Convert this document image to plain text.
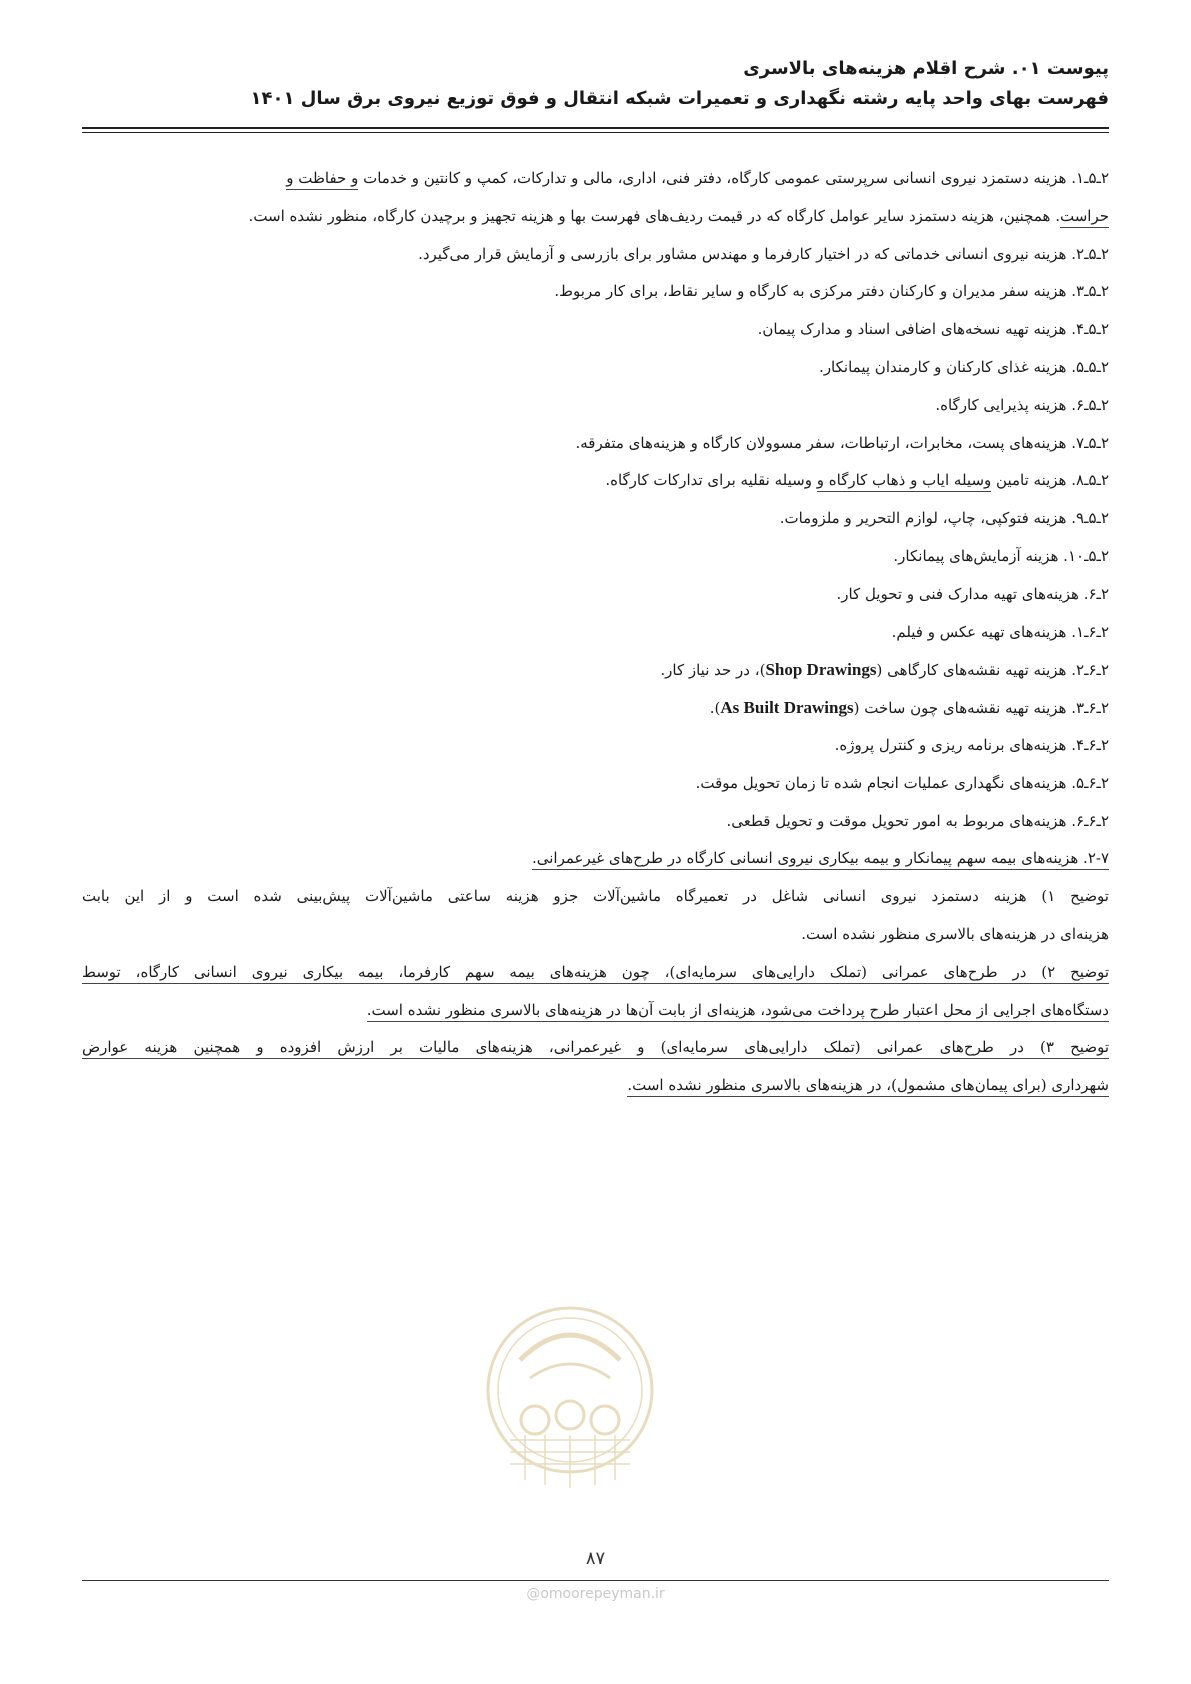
پیوست ۰۱. شرح اقلام هزینه‌های بالاسری
فهرست بهای واحد پایه رشته نگهداری و تعمیرات شبکه انتقال و فوق توزیع نیروی برق سال ۱۴۰۱
۲ـ۵ـ۱. هزینه دستمزد نیروی انسانی سرپرستی عمومی کارگاه، دفتر فنی، اداری، مالی و تدارکات، کمپ و کانتین و خدمات و حفاظت و
حراست. همچنین، هزینه دستمزد سایر عوامل کارگاه که در قیمت ردیف‌های فهرست بها و هزینه تجهیز و برچیدن کارگاه، منظور نشده است.
۲ـ۵ـ۲. هزینه نیروی انسانی خدماتی که در اختیار کارفرما و مهندس مشاور برای بازرسی و آزمایش قرار می‌گیرد.
۲ـ۵ـ۳. هزینه سفر مدیران و کارکنان دفتر مرکزی به کارگاه و سایر نقاط، برای کار مربوط.
۲ـ۵ـ۴. هزینه تهیه نسخه‌های اضافی اسناد و مدارک پیمان.
۲ـ۵ـ۵. هزینه غذای کارکنان و کارمندان پیمانکار.
۲ـ۵ـ۶. هزینه پذیرایی کارگاه.
۲ـ۵ـ۷. هزینه‌های پست، مخابرات، ارتباطات، سفر مسوولان کارگاه و هزینه‌های متفرقه.
۲ـ۵ـ۸. هزینه تامین وسیله ایاب و ذهاب کارگاه و وسیله نقلیه برای تدارکات کارگاه.
۲ـ۵ـ۹. هزینه فتوکپی، چاپ، لوازم التحریر و ملزومات.
۲ـ۵ـ۱۰. هزینه آزمایش‌های پیمانکار.
۲ـ۶. هزینه‌های تهیه مدارک فنی و تحویل کار.
۲ـ۶ـ۱. هزینه‌های تهیه عکس و فیلم.
۲ـ۶ـ۲. هزینه تهیه نقشه‌های کارگاهی (Shop Drawings)، در حد نیاز کار.
۲ـ۶ـ۳. هزینه تهیه نقشه‌های چون ساخت (As Built Drawings).
۲ـ۶ـ۴. هزینه‌های برنامه ریزی و کنترل پروژه.
۲ـ۶ـ۵. هزینه‌های نگهداری عملیات انجام شده تا زمان تحویل موقت.
۲ـ۶ـ۶. هزینه‌های مربوط به امور تحویل موقت و تحویل قطعی.
۲-۷. هزینه‌های بیمه سهم پیمانکار و بیمه بیکاری نیروی انسانی کارگاه در طرح‌های غیرعمرانی.
توضیح ۱) هزینه دستمزد نیروی انسانی شاغل در تعمیرگاه ماشین‌آلات جزو هزینه ساعتی ماشین‌آلات پیش‌بینی شده است و از این بابت
هزینه‌ای در هزینه‌های بالاسری منظور نشده است.
توضیح ۲) در طرح‌های عمرانی (تملک دارایی‌های سرمایه‌ای)، چون هزینه‌های بیمه سهم کارفرما، بیمه بیکاری نیروی انسانی کارگاه، توسط
دستگاه‌های اجرایی از محل اعتبار طرح پرداخت می‌شود، هزینه‌ای از بابت آن‌ها در هزینه‌های بالاسری منظور نشده است.
توضیح ۳) در طرح‌های عمرانی (تملک دارایی‌های سرمایه‌ای) و غیرعمرانی، هزینه‌های مالیات بر ارزش افزوده و همچنین هزینه عوارض
شهرداری (برای پیمان‌های مشمول)، در هزینه‌های بالاسری منظور نشده است.
۸۷
@omoorepeyman.ir
